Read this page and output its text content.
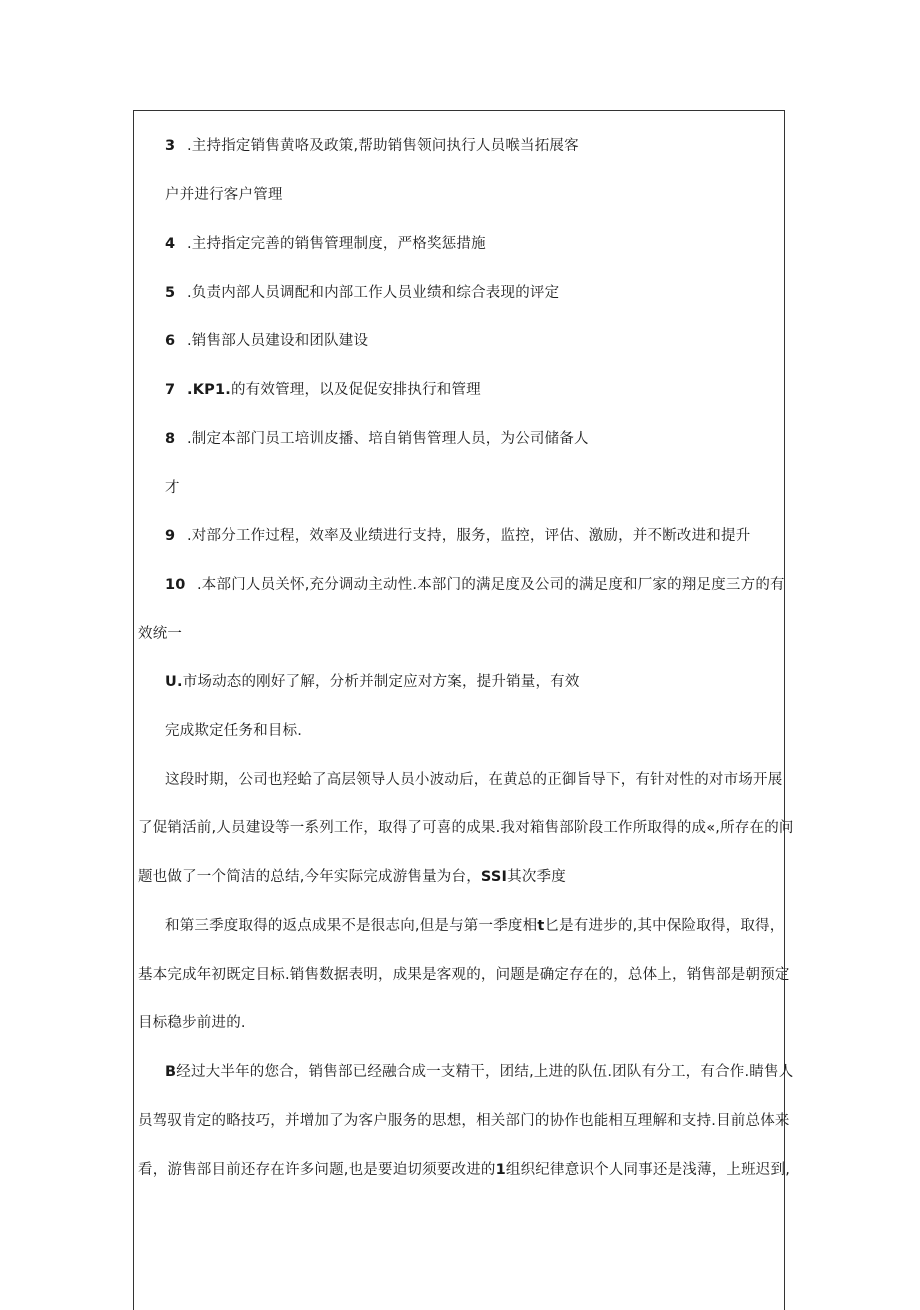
3 .主持指定销售黄咯及政策,帮助销售领问执行人员喉当拓展客
户并进行客户管理
4 .主持指定完善的销售管理制度，严格奖惩措施
5 .负责内部人员调配和内部工作人员业绩和综合表现的评定
6 .销售部人员建设和团队建设
7 .KP1.的有效管理，以及促促安排执行和管理
8 .制定本部门员工培训皮播、培自销售管理人员，为公司储备人
才
9 .对部分工作过程，效率及业绩进行支持，服务，监控，评估、激励，并不断改进和提升
10 .本部门人员关怀,充分调动主动性.本部门的满足度及公司的满足度和厂家的翔足度三方的有
效统一
U.市场动态的刚好了解，分析并制定应对方案，提升销量，有效
完成欺定任务和目标.
这段时期，公司也羟蛤了高层领导人员小波动后，在黄总的正御旨导下，有针对性的对市场开展
了促销活前,人员建设等一系列工作，取得了可喜的成果.我对箱售部阶段工作所取得的成«,所存在的问
题也做了一个简洁的总结,今年实际完成游售量为台，SSI其次季度
和第三季度取得的返点成果不是很志向,但是与第一季度相t匕是有进步的,其中保险取得，取得，
基本完成年初既定目标.销售数据表明，成果是客观的，问题是确定存在的，总体上，销售部是朝预定
目标稳步前进的.
B经过大半年的您合，销售部已经融合成一支精干，团结,上进的队伍.团队有分工，有合作.睛售人
员驾驭肯定的略技巧，并增加了为客户服务的思想，相关部门的协作也能相互理解和支持.目前总体来
看，游售部目前还存在许多问题,也是要迫切须要改进的1组织纪律意识个人同事还是浅薄，上班迟到,
